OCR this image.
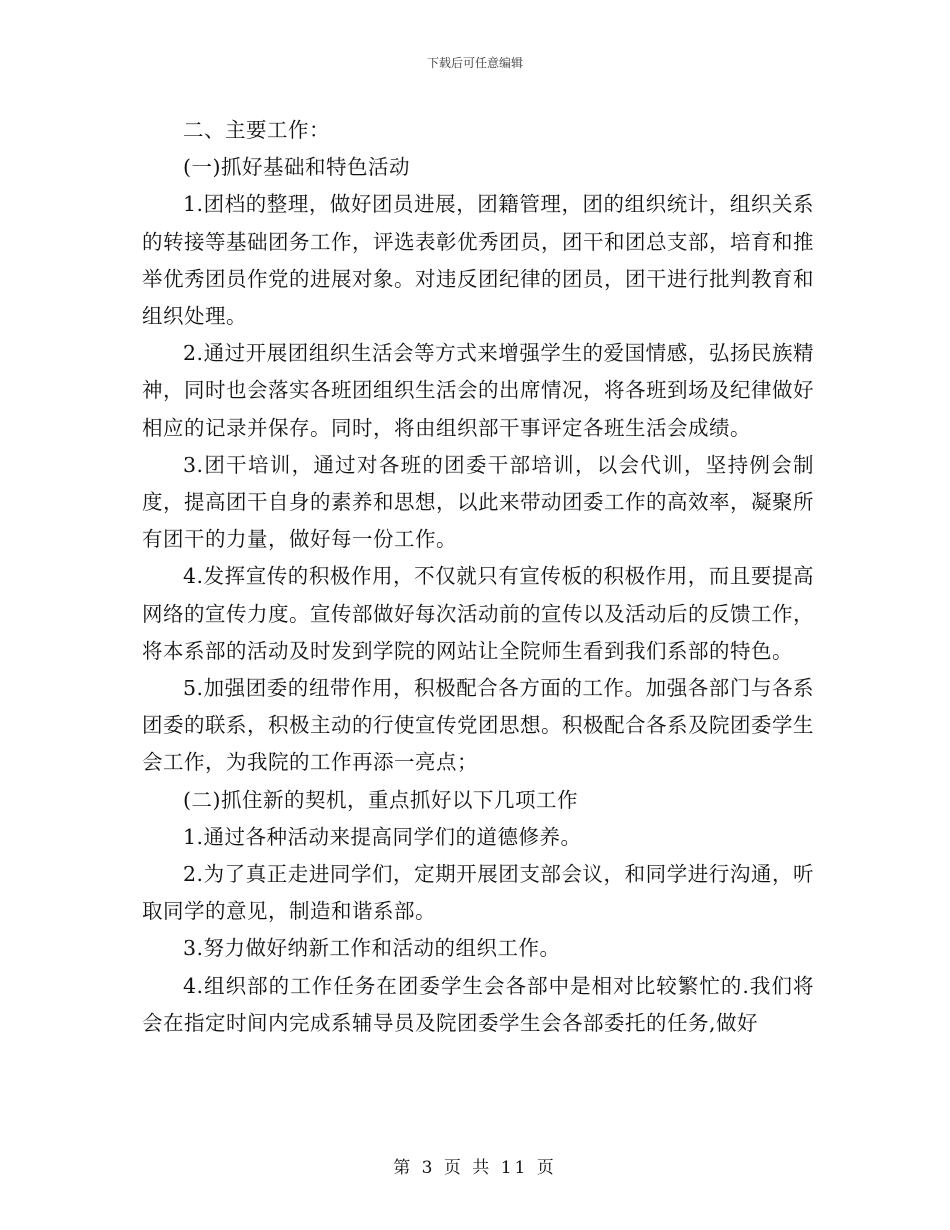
下载后可任意编辑

二、主要工作：

(一)抓好基础和特色活动

1.团档的整理，做好团员进展，团籍管理，团的组织统计，组织关系的转接等基础团务工作，评选表彰优秀团员，团干和团总支部，培育和推举优秀团员作党的进展对象。对违反团纪律的团员，团干进行批判教育和组织处理。

2.通过开展团组织生活会等方式来增强学生的爱国情感，弘扬民族精神，同时也会落实各班团组织生活会的出席情况，将各班到场及纪律做好相应的记录并保存。同时，将由组织部干事评定各班生活会成绩。

3.团干培训，通过对各班的团委干部培训，以会代训，坚持例会制度，提高团干自身的素养和思想，以此来带动团委工作的高效率，凝聚所有团干的力量，做好每一份工作。

4.发挥宣传的积极作用，不仅就只有宣传板的积极作用，而且要提高网络的宣传力度。宣传部做好每次活动前的宣传以及活动后的反馈工作，将本系部的活动及时发到学院的网站让全院师生看到我们系部的特色。

5.加强团委的纽带作用，积极配合各方面的工作。加强各部门与各系团委的联系，积极主动的行使宣传党团思想。积极配合各系及院团委学生会工作，为我院的工作再添一亮点；

(二)抓住新的契机，重点抓好以下几项工作

1.通过各种活动来提高同学们的道德修养。

2.为了真正走进同学们，定期开展团支部会议，和同学进行沟通，听取同学的意见，制造和谐系部。

3.努力做好纳新工作和活动的组织工作。

4.组织部的工作任务在团委学生会各部中是相对比较繁忙的.我们将会在指定时间内完成系辅导员及院团委学生会各部委托的任务,做好

第 3 页 共 11 页
